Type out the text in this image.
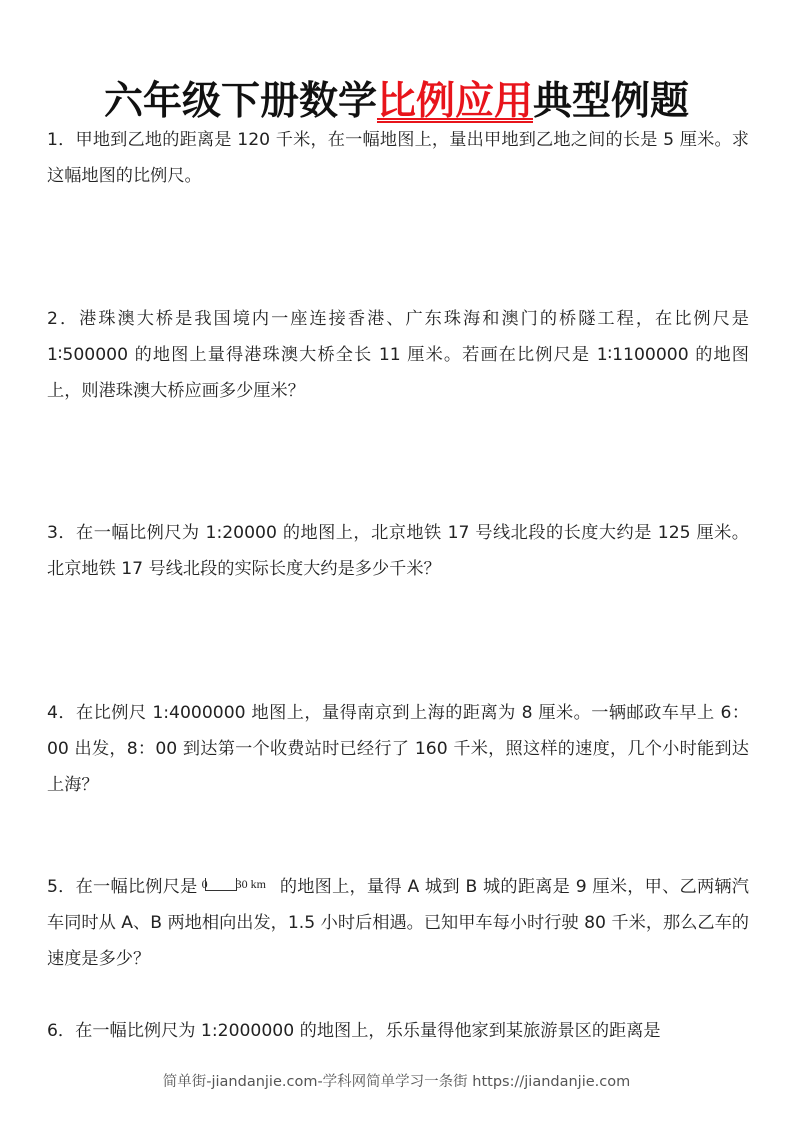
六年级下册数学比例应用典型例题
1．甲地到乙地的距离是 120 千米，在一幅地图上，量出甲地到乙地之间的长是 5 厘米。求这幅地图的比例尺。
2．港珠澳大桥是我国境内一座连接香港、广东珠海和澳门的桥隧工程，在比例尺是 1∶500000 的地图上量得港珠澳大桥全长 11 厘米。若画在比例尺是 1∶1100000 的地图上，则港珠澳大桥应画多少厘米？
3．在一幅比例尺为 1:20000 的地图上，北京地铁 17 号线北段的长度大约是 125 厘米。北京地铁 17 号线北段的实际长度大约是多少千米？
4．在比例尺 1:4000000 地图上，量得南京到上海的距离为 8 厘米。一辆邮政车早上 6：00 出发，8：00 到达第一个收费站时已经行了 160 千米，照这样的速度，几个小时能到达上海？
5．在一幅比例尺是 0 30 km 的地图上，量得 A 城到 B 城的距离是 9 厘米，甲、乙两辆汽车同时从 A、B 两地相向出发，1.5 小时后相遇。已知甲车每小时行驶 80 千米，那么乙车的速度是多少？
6．在一幅比例尺为 1:2000000 的地图上，乐乐量得他家到某旅游景区的距离是
简单街-jiandanjie.com-学科网简单学习一条街 https://jiandanjie.com
